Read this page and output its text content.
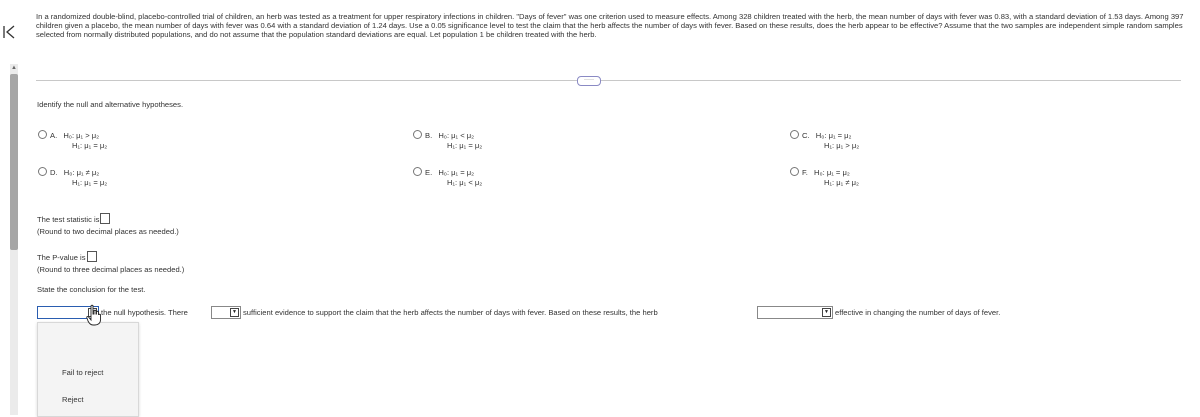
▲
In a randomized double-blind, placebo-controlled trial of children, an herb was tested as a treatment for upper respiratory infections in children. "Days of fever" was one criterion used to measure effects. Among 328 children treated with the herb, the mean number of days with fever was 0.83, with a standard deviation of 1.53 days. Among 397 children given a placebo, the mean number of days with fever was 0.64 with a standard deviation of 1.24 days. Use a 0.05 significance level to test the claim that the herb affects the number of days with fever. Based on these results, does the herb appear to be effective? Assume that the two samples are independent simple random samples selected from normally distributed populations, and do not assume that the population standard deviations are equal. Let population 1 be children treated with the herb.
·····
Identify the null and alternative hypotheses.
A. H₀: μ₁ > μ₂
H₁: μ₁ = μ₂
B. H₀: μ₁ < μ₂
H₁: μ₁ = μ₂
C. H₀: μ₁ = μ₂
H₁: μ₁ > μ₂
D. H₀: μ₁ ≠ μ₂
H₁: μ₁ = μ₂
E. H₀: μ₁ = μ₂
H₁: μ₁ < μ₂
F. H₀: μ₁ = μ₂
H₁: μ₁ ≠ μ₂
The test statistic is
(Round to two decimal places as needed.)
The P-value is
(Round to three decimal places as needed.)
State the conclusion for the test.
the null hypothesis. There	▼ sufficient evidence to support the claim that the herb affects the number of days with fever. Based on these results, the herb	▼ effective in changing the number of days of fever.
Fail to reject
Reject
